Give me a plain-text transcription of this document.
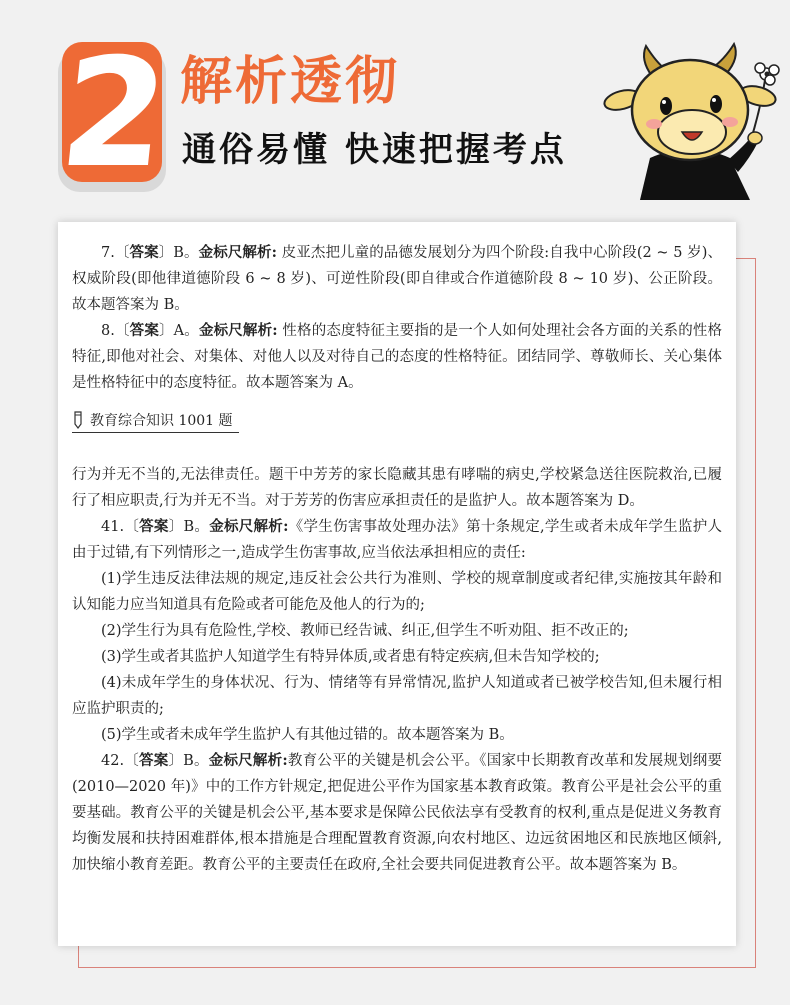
2 解析透彻
通俗易懂 快速把握考点

7.〔答案〕B。金标尺解析: 皮亚杰把儿童的品德发展划分为四个阶段:自我中心阶段(2 ~ 5 岁)、权威阶段(即他律道德阶段 6 ~ 8 岁)、可逆性阶段(即自律或合作道德阶段 8 ~ 10 岁)、公正阶段。故本题答案为 B。

8.〔答案〕A。金标尺解析: 性格的态度特征主要指的是一个人如何处理社会各方面的关系的性格特征,即他对社会、对集体、对他人以及对待自己的态度的性格特征。团结同学、尊敬师长、关心集体是性格特征中的态度特征。故本题答案为 A。

教育综合知识 1001 题

行为并无不当的,无法律责任。题干中芳芳的家长隐藏其患有哮喘的病史,学校紧急送往医院救治,已履行了相应职责,行为并无不当。对于芳芳的伤害应承担责任的是监护人。故本题答案为 D。

41.〔答案〕B。金标尺解析:《学生伤害事故处理办法》第十条规定,学生或者未成年学生监护人由于过错,有下列情形之一,造成学生伤害事故,应当依法承担相应的责任:

(1)学生违反法律法规的规定,违反社会公共行为准则、学校的规章制度或者纪律,实施按其年龄和认知能力应当知道具有危险或者可能危及他人的行为的;

(2)学生行为具有危险性,学校、教师已经告诫、纠正,但学生不听劝阻、拒不改正的;

(3)学生或者其监护人知道学生有特异体质,或者患有特定疾病,但未告知学校的;

(4)未成年学生的身体状况、行为、情绪等有异常情况,监护人知道或者已被学校告知,但未履行相应监护职责的;

(5)学生或者未成年学生监护人有其他过错的。故本题答案为 B。

42.〔答案〕B。金标尺解析:教育公平的关键是机会公平。《国家中长期教育改革和发展规划纲要(2010—2020 年)》中的工作方针规定,把促进公平作为国家基本教育政策。教育公平是社会公平的重要基础。教育公平的关键是机会公平,基本要求是保障公民依法享有受教育的权利,重点是促进义务教育均衡发展和扶持困难群体,根本措施是合理配置教育资源,向农村地区、边远贫困地区和民族地区倾斜,加快缩小教育差距。教育公平的主要责任在政府,全社会要共同促进教育公平。故本题答案为 B。
